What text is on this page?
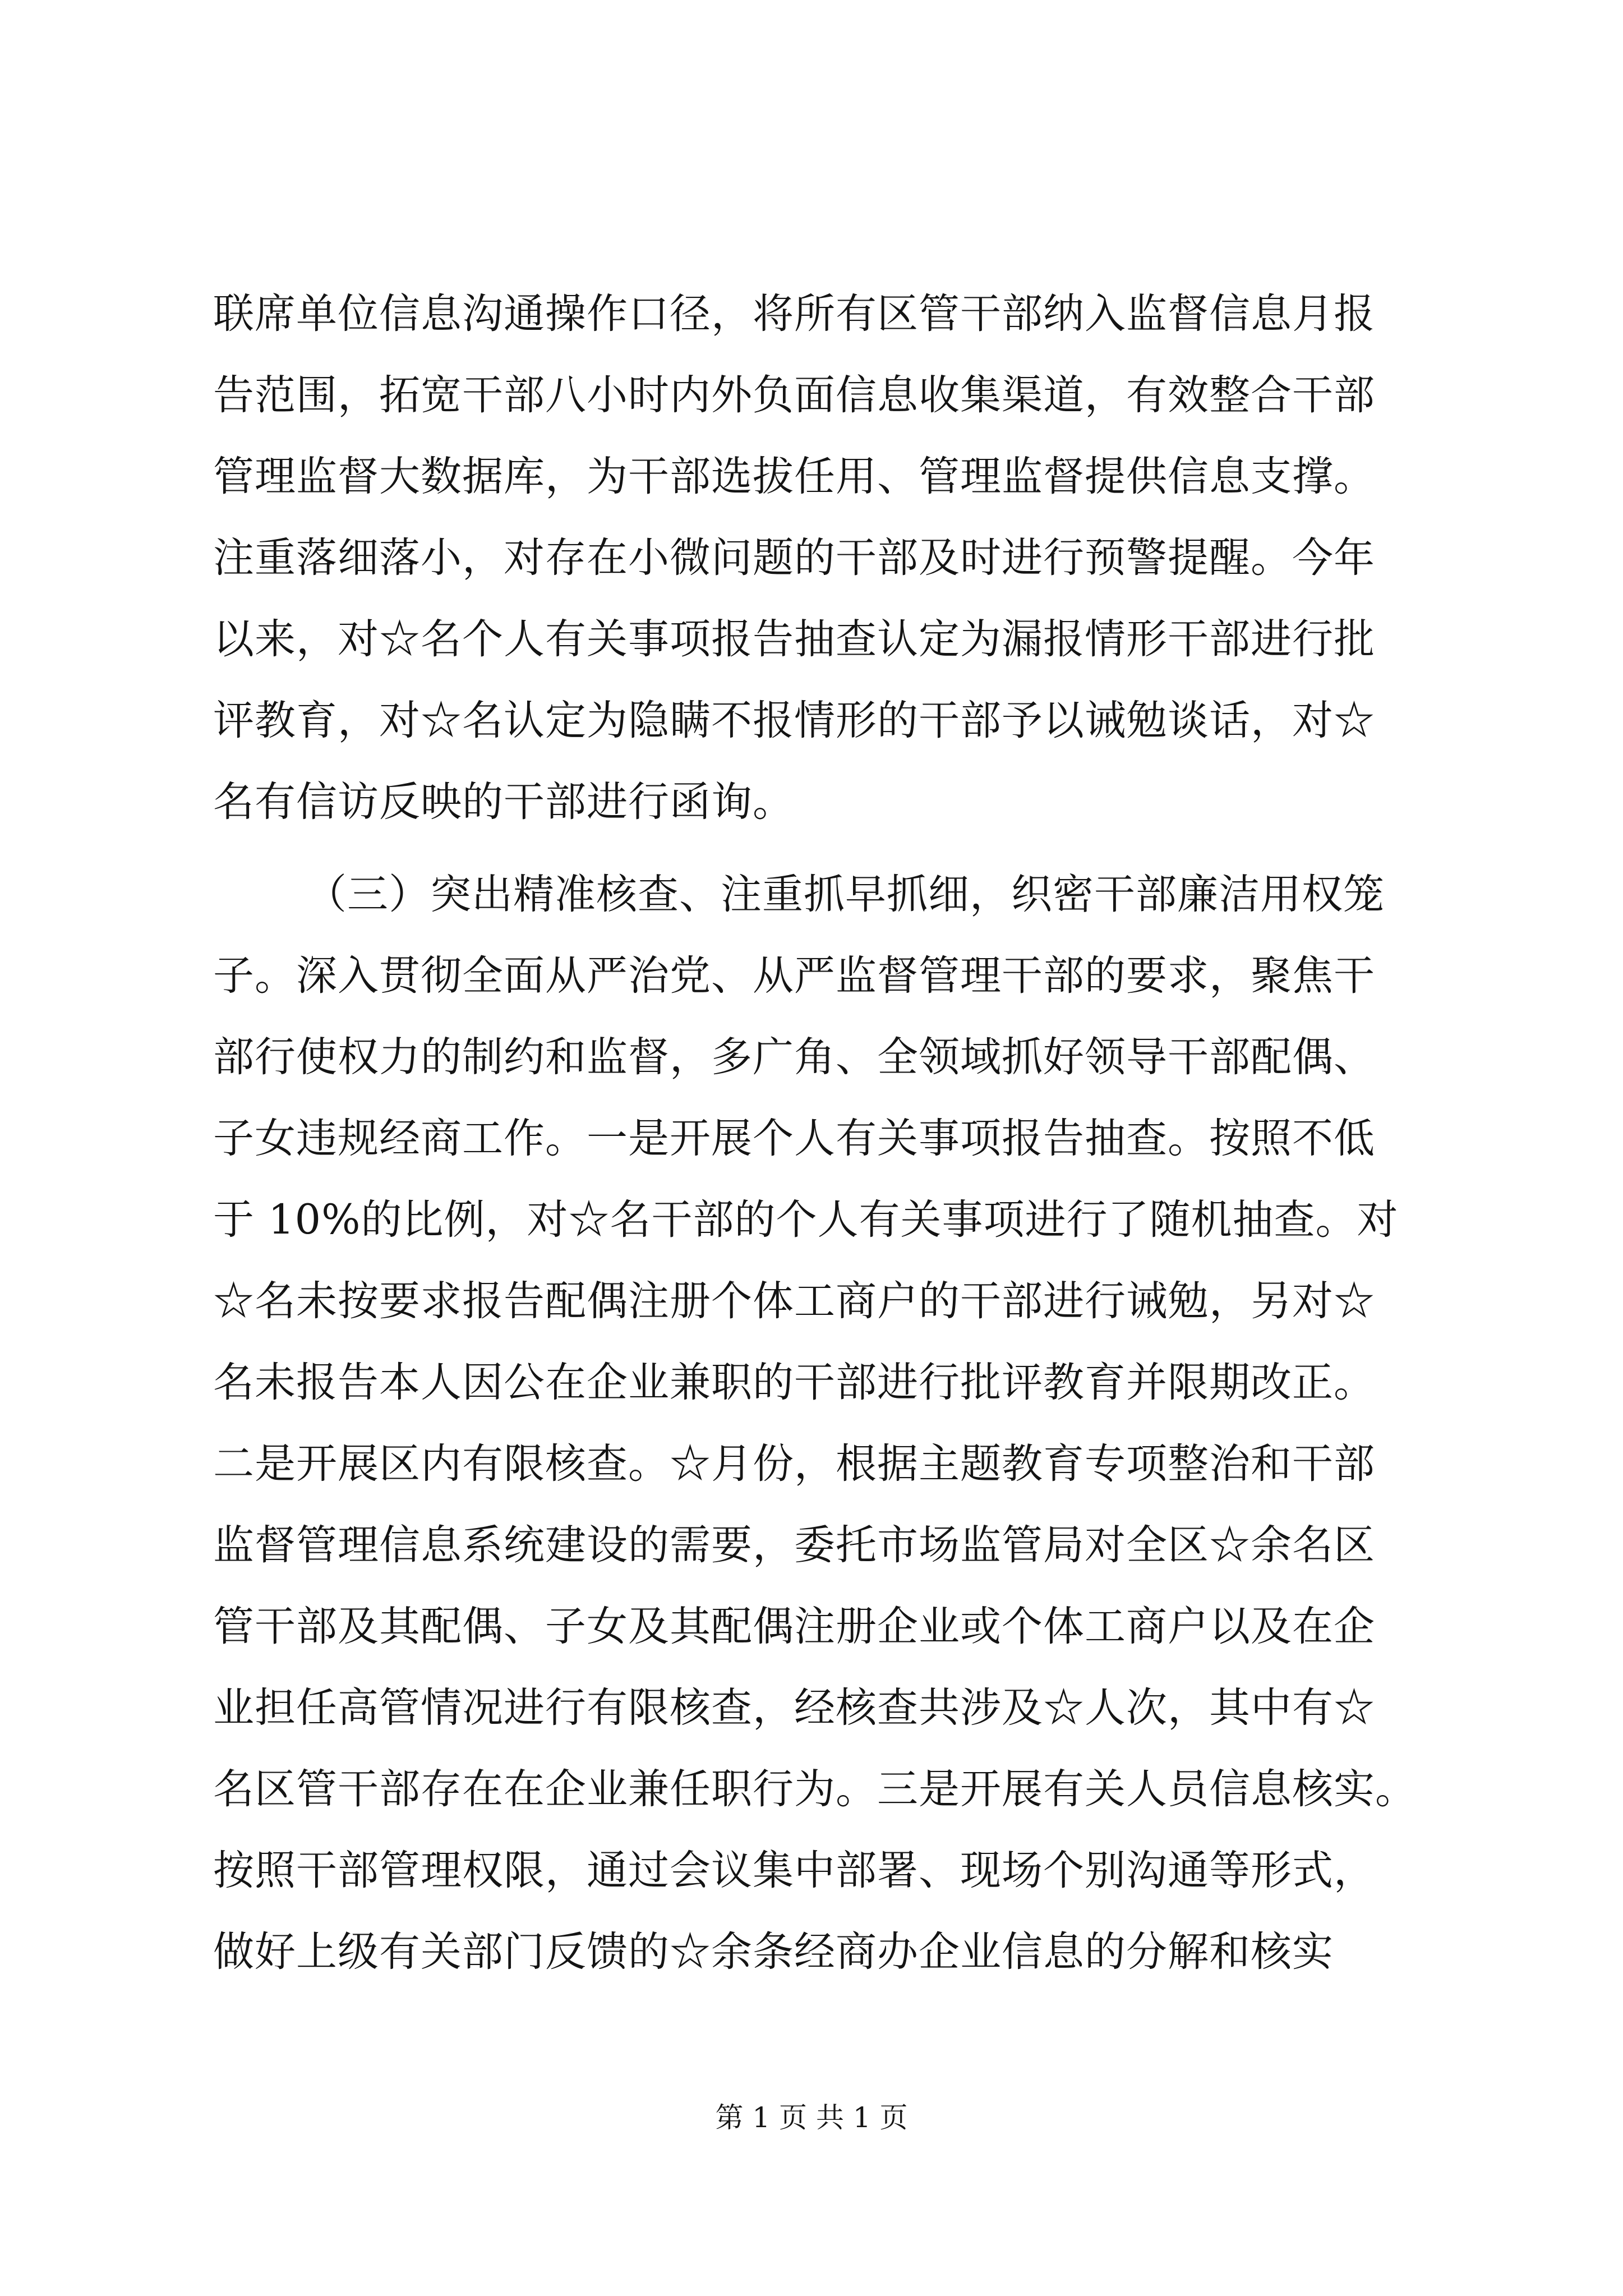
联席单位信息沟通操作口径，将所有区管干部纳入监督信息月报
告范围，拓宽干部八小时内外负面信息收集渠道，有效整合干部
管理监督大数据库，为干部选拔任用、管理监督提供信息支撑。
注重落细落小，对存在小微问题的干部及时进行预警提醒。今年
以来，对☆名个人有关事项报告抽查认定为漏报情形干部进行批
评教育，对☆名认定为隐瞒不报情形的干部予以诫勉谈话，对☆
名有信访反映的干部进行函询。
（三）突出精准核查、注重抓早抓细，织密干部廉洁用权笼
子。深入贯彻全面从严治党、从严监督管理干部的要求，聚焦干
部行使权力的制约和监督，多广角、全领域抓好领导干部配偶、
子女违规经商工作。一是开展个人有关事项报告抽查。按照不低
于 10%的比例，对☆名干部的个人有关事项进行了随机抽查。对
☆名未按要求报告配偶注册个体工商户的干部进行诫勉，另对☆
名未报告本人因公在企业兼职的干部进行批评教育并限期改正。
二是开展区内有限核查。☆月份，根据主题教育专项整治和干部
监督管理信息系统建设的需要，委托市场监管局对全区☆余名区
管干部及其配偶、子女及其配偶注册企业或个体工商户以及在企
业担任高管情况进行有限核查，经核查共涉及☆人次，其中有☆
名区管干部存在在企业兼任职行为。三是开展有关人员信息核实。
按照干部管理权限，通过会议集中部署、现场个别沟通等形式，
做好上级有关部门反馈的☆余条经商办企业信息的分解和核实
第 1 页 共 1 页
